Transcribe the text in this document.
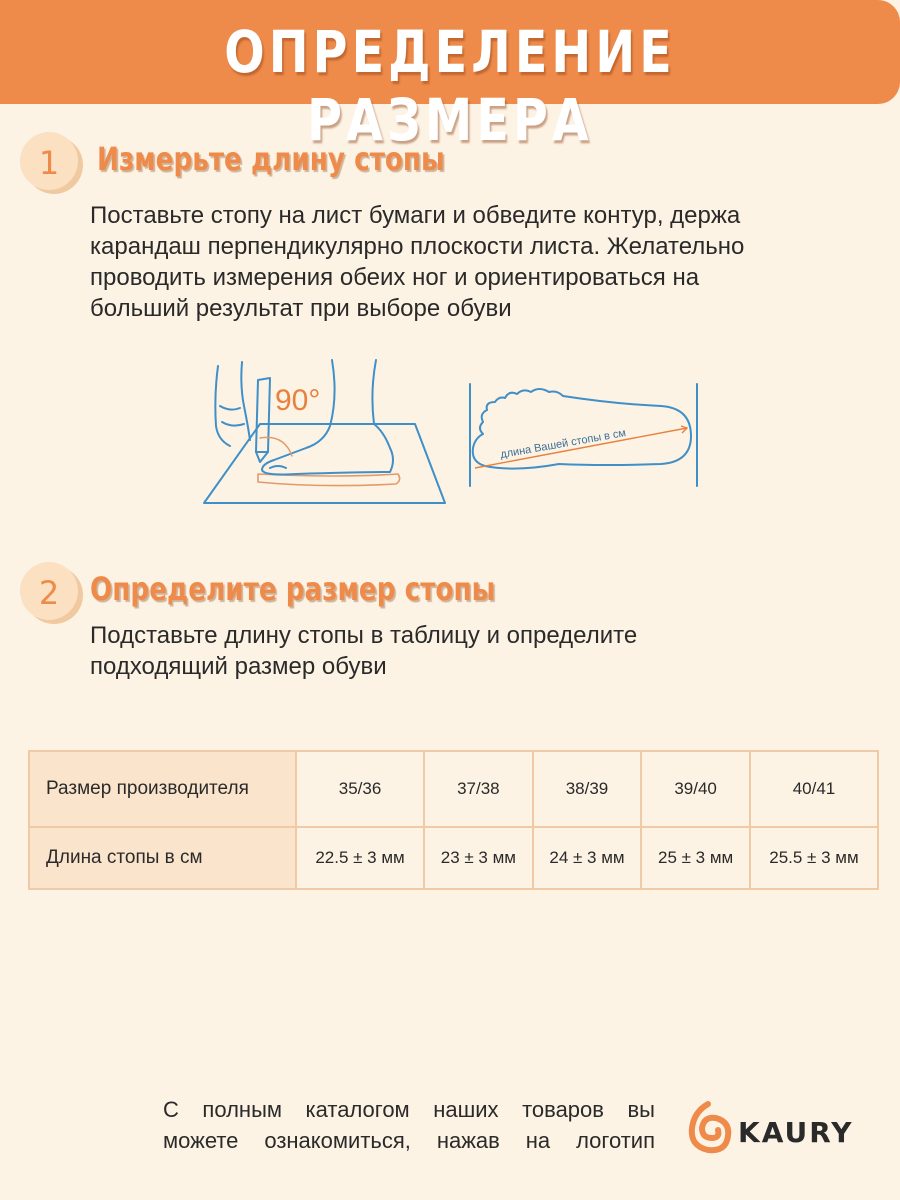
ОПРЕДЕЛЕНИЕ РАЗМЕРА
1	Измерьте длину стопы
Поставьте стопу на лист бумаги и обведите контур, держа
карандаш перпендикулярно плоскости листа. Желательно
проводить измерения обеих ног и ориентироваться на
больший результат при выборе обуви
90°
длина Вашей стопы в см
2 Определите размер стопы
Подставьте длину стопы в таблицу и определите
подходящий размер обуви
Размер производителя	35/36	37/38	38/39	39/40	40/41
Длина стопы в см	22.5 ± 3 мм	23 ± 3 мм	24 ± 3 мм	25 ± 3 мм	25.5 ± 3 мм
С полным каталогом наших товаров вы
можете ознакомиться, нажав на логотип	KAURY
